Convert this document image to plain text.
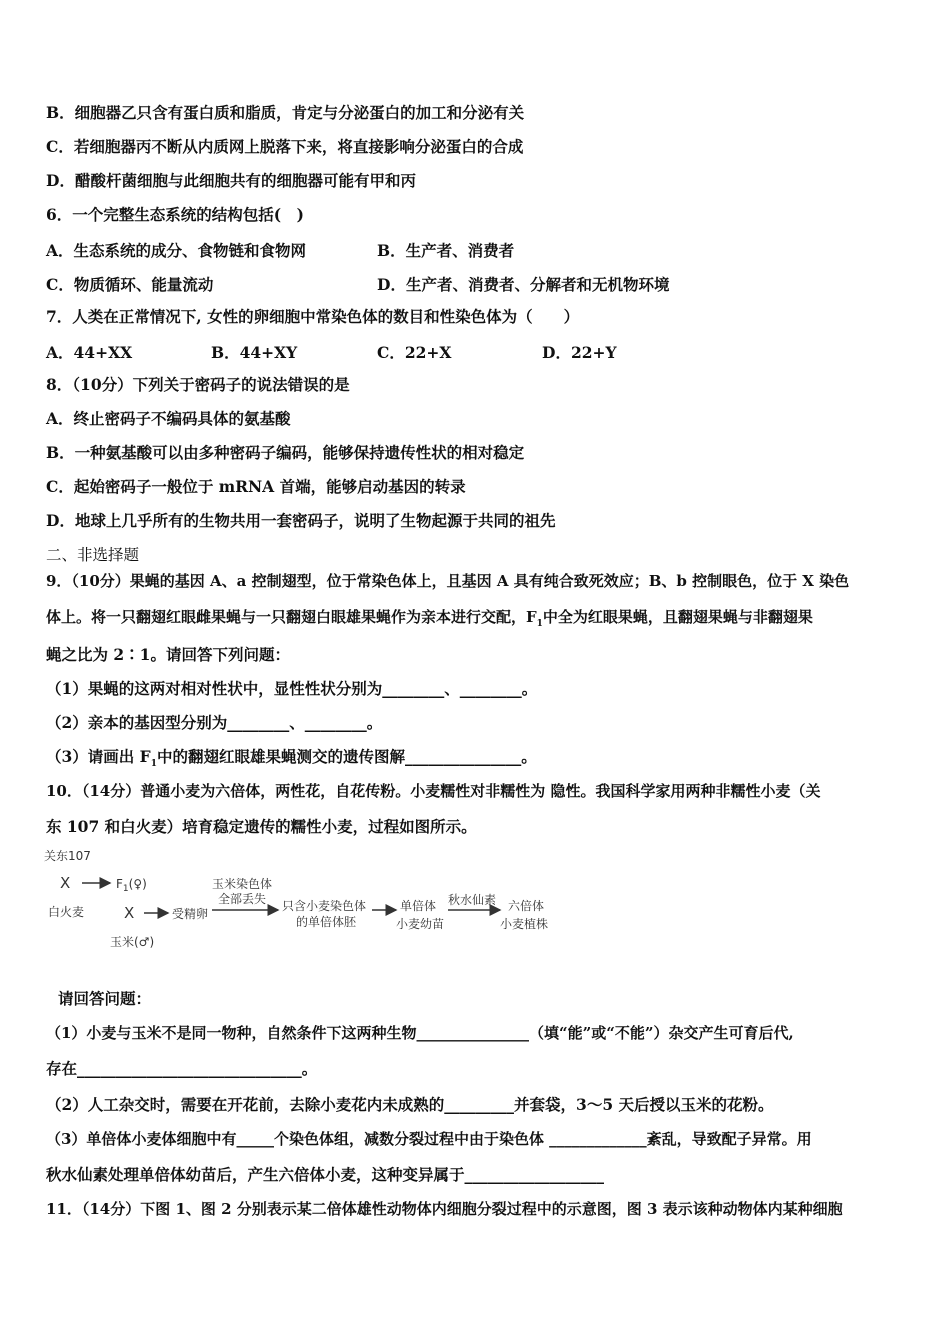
B．细胞器乙只含有蛋白质和脂质，肯定与分泌蛋白的加工和分泌有关
C．若细胞器丙不断从内质网上脱落下来，将直接影响分泌蛋白的合成
D．醋酸杆菌细胞与此细胞共有的细胞器可能有甲和丙
6．一个完整生态系统的结构包括(　)
A．生态系统的成分、食物链和食物网	B．生产者、消费者
C．物质循环、能量流动	D．生产者、消费者、分解者和无机物环境
7．人类在正常情况下, 女性的卵细胞中常染色体的数目和性染色体为（　　）
A．44+XX	B．44+XY	C．22+X	D．22+Y
8．（10分）下列关于密码子的说法错误的是
A．终止密码子不编码具体的氨基酸
B．一种氨基酸可以由多种密码子编码，能够保持遗传性状的相对稳定
C．起始密码子一般位于 mRNA 首端，能够启动基因的转录
D．地球上几乎所有的生物共用一套密码子，说明了生物起源于共同的祖先
二、非选择题
9．（10分）果蝇的基因 A、a 控制翅型，位于常染色体上，且基因 A 具有纯合致死效应；B、b 控制眼色，位于 X 染色
体上。将一只翻翅红眼雌果蝇与一只翻翅白眼雄果蝇作为亲本进行交配，$F_1$中全为红眼果蝇，且翻翅果蝇与非翻翅果
蝇之比为 2∶1。请回答下列问题：
（1）果蝇的这两对相对性状中，显性性状分别为________、________。
（2）亲本的基因型分别为________、________。
（3）请画出 $F_1$中的翻翅红眼雄果蝇测交的遗传图解_______________。
10．（14分）普通小麦为六倍体，两性花，自花传粉。小麦糯性对非糯性为 隐性。我国科学家用两种非糯性小麦（关
东 107 和白火麦）培育稳定遗传的糯性小麦，过程如图所示。
关东107
X	$F_1(♀)$
白火麦	X	受精卵
玉米染色体
全部丢失 只含小麦染色体
的单倍体胚
单倍体
小麦幼苗
秋水仙素 六倍体
小麦植株
玉米(♂)
请回答问题：
（1）小麦与玉米不是同一物种，自然条件下这两种生物_______________（填“能”或“不能”）杂交产生可育后代,
存在_____________________________。
（2）人工杂交时，需要在开花前，去除小麦花内未成熟的_________并套袋，3～5 天后授以玉米的花粉。
（3）单倍体小麦体细胞中有_____个染色体组，减数分裂过程中由于染色体 _____________紊乱，导致配子异常。用
秋水仙素处理单倍体幼苗后，产生六倍体小麦，这种变异属于__________________
11．（14分）下图 1、图 2 分别表示某二倍体雄性动物体内细胞分裂过程中的示意图，图 3 表示该种动物体内某种细胞
